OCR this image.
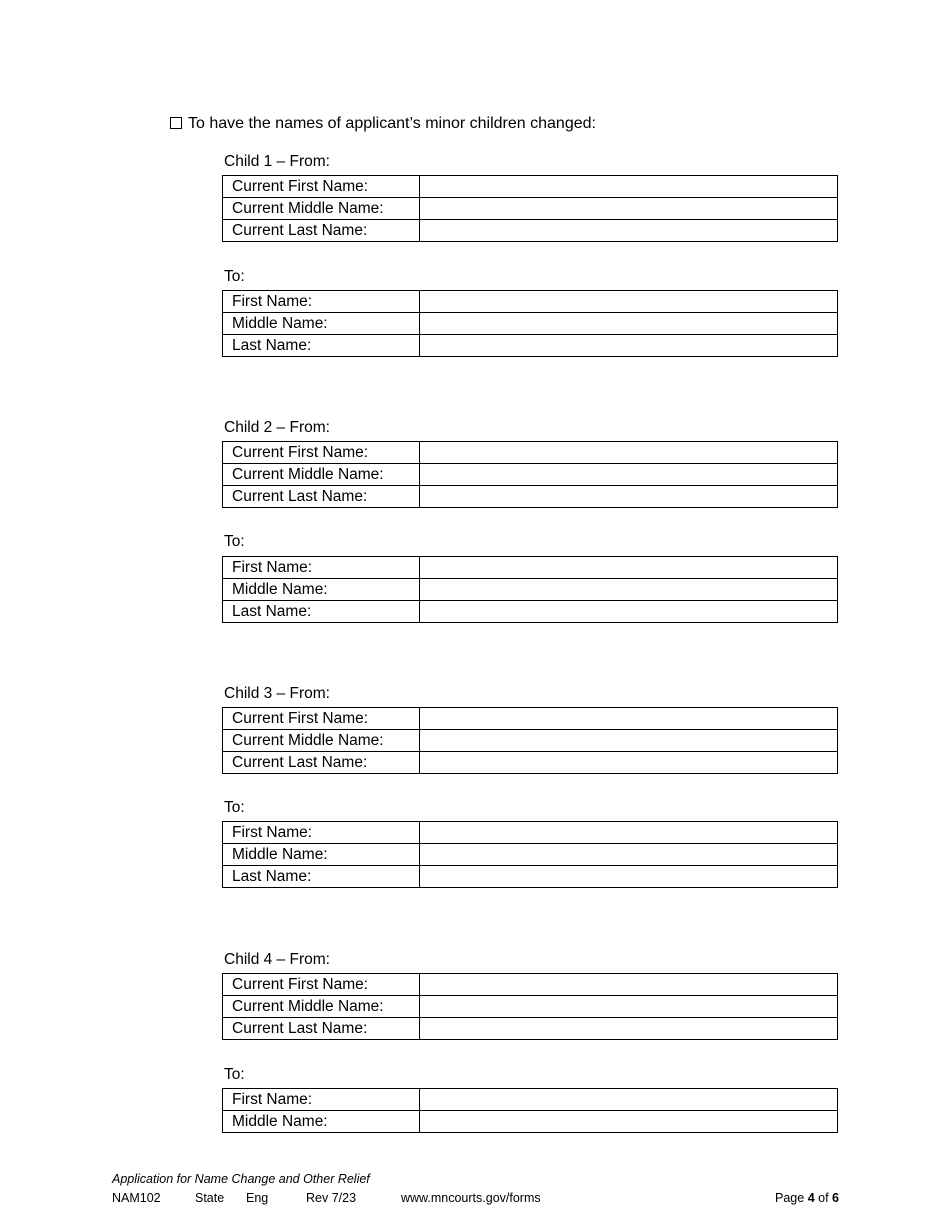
To have the names of applicant’s minor children changed:
Child 1 – From:
Current First Name:	
Current Middle Name:	
Current Last Name:	
To:
First Name:	
Middle Name:	
Last Name:	
Child 2 – From:
Current First Name:	
Current Middle Name:	
Current Last Name:	
To:
First Name:	
Middle Name:	
Last Name:	
Child 3 – From:
Current First Name:	
Current Middle Name:	
Current Last Name:	
To:
First Name:	
Middle Name:	
Last Name:	
Child 4 – From:
Current First Name:	
Current Middle Name:	
Current Last Name:	
To:
First Name:	
Middle Name:	
Application for Name Change and Other Relief
NAM102	State Eng	Rev 7/23	www.mncourts.gov/forms	Page 4 of 6
